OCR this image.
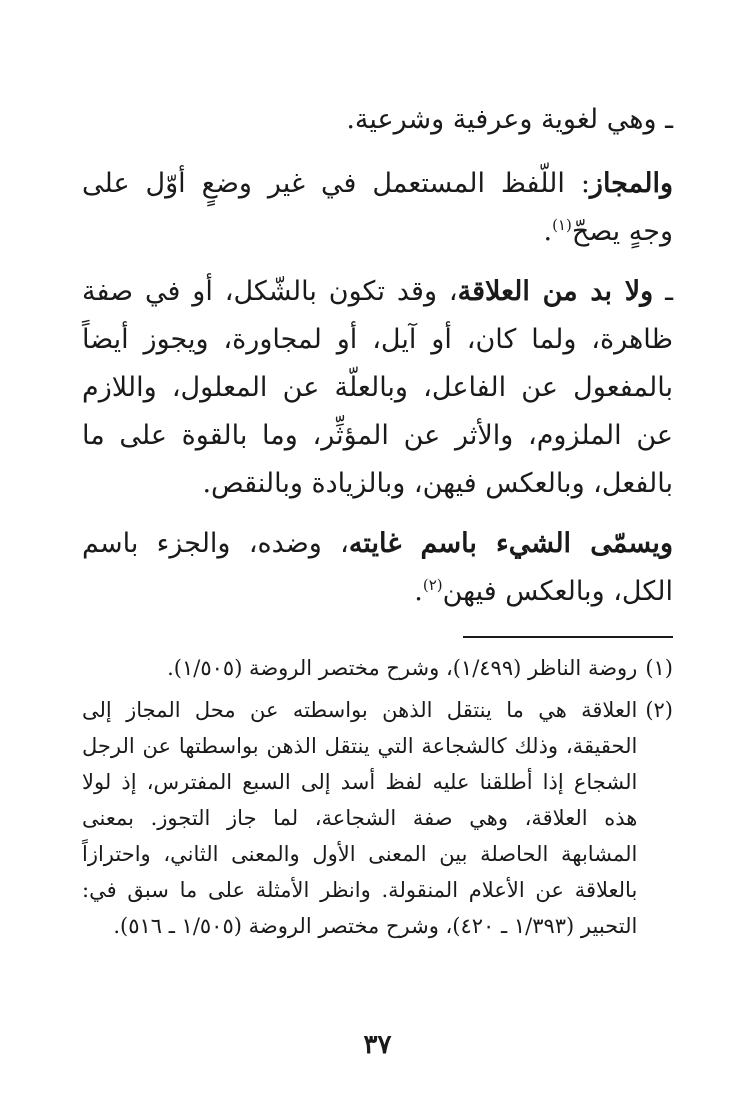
ـ وهي لغوية وعرفية وشرعية.

والمجاز: اللّفظ المستعمل في غير وضعٍ أوّل على وجهٍ يصحّ$^{(١)}$.

ـ ولا بد من العلاقة، وقد تكون بالشّكل، أو في صفة ظاهرة، ولما كان، أو آيل، أو لمجاورة، ويجوز أيضاً بالمفعول عن الفاعل، وبالعلّة عن المعلول، واللازم عن الملزوم، والأثر عن المؤثِّر، وما بالقوة على ما بالفعل، وبالعكس فيهن، وبالزيادة وبالنقص.

ويسمّى الشيء باسم غايته، وضده، والجزء باسم الكل، وبالعكس فيهن$^{(٢)}$.

(١)
روضة الناظر (١/٤٩٩)، وشرح مختصر الروضة (١/٥٠٥).
(٢)
العلاقة هي ما ينتقل الذهن بواسطته عن محل المجاز إلى الحقيقة، وذلك كالشجاعة التي ينتقل الذهن بواسطتها عن الرجل الشجاع إذا أطلقنا عليه لفظ أسد إلى السبع المفترس، إذ لولا هذه العلاقة، وهي صفة الشجاعة، لما جاز التجوز. بمعنى المشابهة الحاصلة بين المعنى الأول والمعنى الثاني، واحترازاً بالعلاقة عن الأعلام المنقولة. وانظر الأمثلة على ما سبق في: التحبير (١/٣٩٣ ـ ٤٢٠)، وشرح مختصر الروضة (١/٥٠٥ ـ ٥١٦).
٣٧
